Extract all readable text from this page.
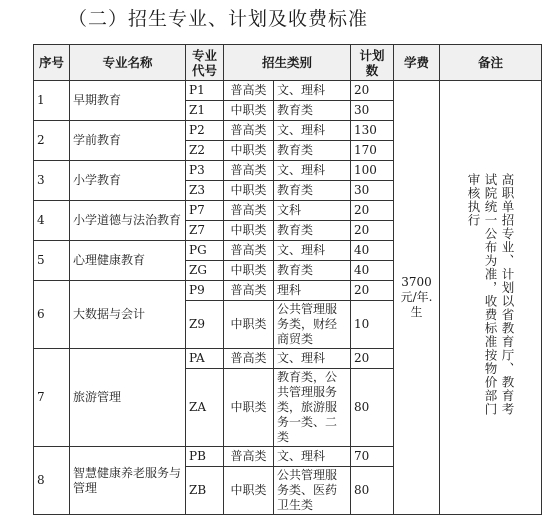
（二）招生专业、计划及收费标准
序号	专业名称	专业代号	招生类别		计划数	学费	备注
1	早期教育	P1	普高类	文、理科	20	3700元/年.生	高职单招专业、计划以省教育厅、教育考试院统一公布为准，收费标准按物价部门审核执行

		Z1	中职类	教育类	30		
2	学前教育	P2	普高类	文、理科	130		
		Z2	中职类	教育类	170		
3	小学教育	P3	普高类	文、理科	100		
		Z3	中职类	教育类	30		
4	小学道德与法治教育	P7	普高类	文科	20		
		Z7	中职类	教育类	20		
5	心理健康教育	PG	普高类	文、理科	40		
		ZG	中职类	教育类	40		
6	大数据与会计	P9	普高类	理科	20		
		Z9	中职类	公共管理服务类，财经商贸类	10		
7	旅游管理	PA	普高类	文、理科	20		
		ZA	中职类	教育类，公共管理服务类，旅游服务一类、二类	80		
8	智慧健康养老服务与管理	PB	普高类	文、理科	70		
		ZB	中职类	公共管理服务类、医药卫生类	80		
